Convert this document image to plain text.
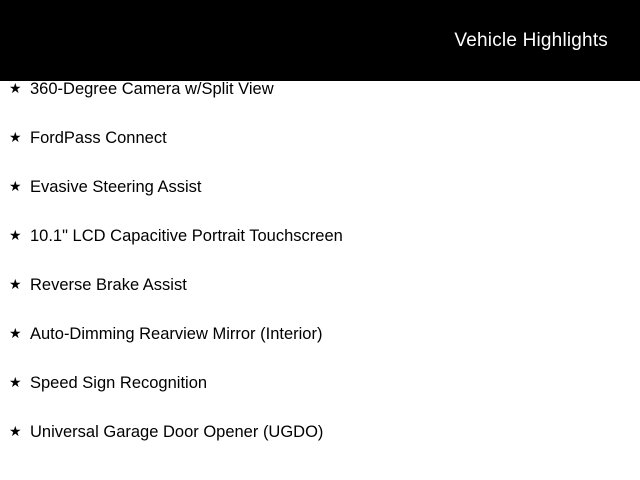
Vehicle Highlights
★ 360-Degree Camera w/Split View
★ FordPass Connect
★ Evasive Steering Assist
★ 10.1" LCD Capacitive Portrait Touchscreen
★ Reverse Brake Assist
★ Auto-Dimming Rearview Mirror (Interior)
★ Speed Sign Recognition
★ Universal Garage Door Opener (UGDO)
